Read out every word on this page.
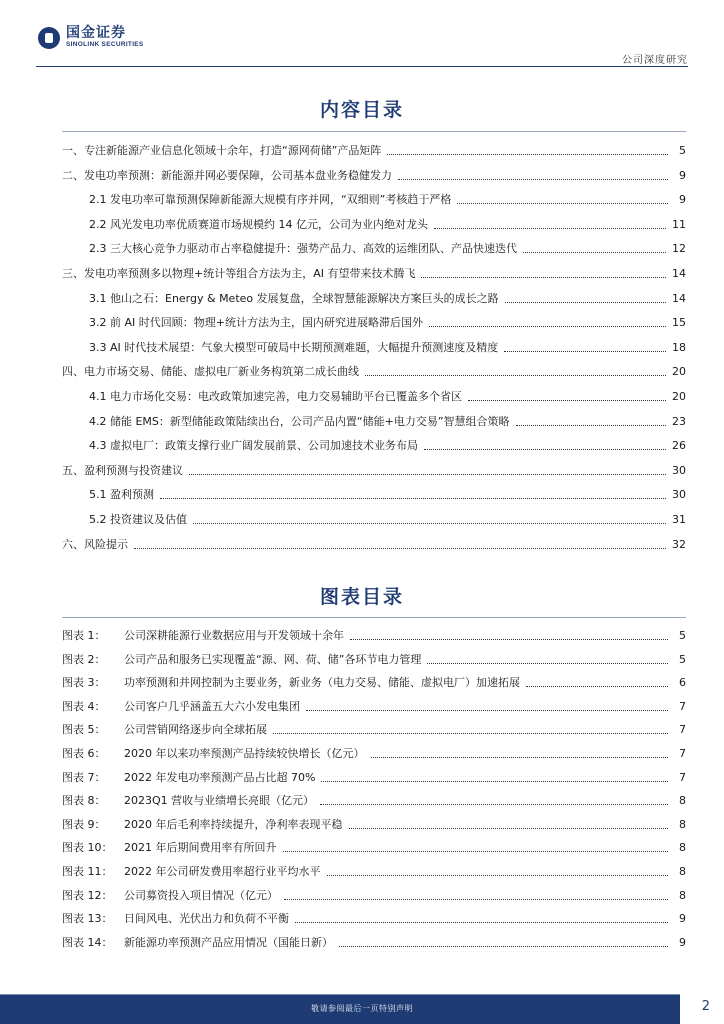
国金证券
SINOLINK SECURITIES
公司深度研究
内容目录
一、专注新能源产业信息化领域十余年，打造“源网荷储”产品矩阵	5
二、发电功率预测：新能源并网必要保障，公司基本盘业务稳健发力	9
2.1 发电功率可靠预测保障新能源大规模有序并网，“双细则”考核趋于严格	9
2.2 风光发电功率优质赛道市场规模约 14 亿元，公司为业内绝对龙头	11
2.3 三大核心竞争力驱动市占率稳健提升：强势产品力、高效的运维团队、产品快速迭代	12
三、发电功率预测多以物理+统计等组合方法为主，AI 有望带来技术腾飞	14
3.1 他山之石：Energy & Meteo 发展复盘，全球智慧能源解决方案巨头的成长之路	14
3.2 前 AI 时代回顾：物理+统计方法为主，国内研究进展略滞后国外	15
3.3 AI 时代技术展望：气象大模型可破局中长期预测难题，大幅提升预测速度及精度	18
四、电力市场交易、储能、虚拟电厂新业务构筑第二成长曲线	20
4.1 电力市场化交易：电改政策加速完善，电力交易辅助平台已覆盖多个省区	20
4.2 储能 EMS：新型储能政策陆续出台，公司产品内置“储能+电力交易”智慧组合策略	23
4.3 虚拟电厂：政策支撑行业广阔发展前景、公司加速技术业务布局	26
五、盈利预测与投资建议	30
5.1 盈利预测	30
5.2 投资建议及估值	31
六、风险提示	32
图表目录
图表 1：	公司深耕能源行业数据应用与开发领域十余年	5
图表 2：	公司产品和服务已实现覆盖“源、网、荷、储”各环节电力管理	5
图表 3：	功率预测和并网控制为主要业务，新业务（电力交易、储能、虚拟电厂）加速拓展	6
图表 4：	公司客户几乎涵盖五大六小发电集团	7
图表 5：	公司营销网络逐步向全球拓展	7
图表 6：	2020 年以来功率预测产品持续较快增长（亿元）	7
图表 7：	2022 年发电功率预测产品占比超 70%	7
图表 8：	2023Q1 营收与业绩增长亮眼（亿元）	8
图表 9：	2020 年后毛利率持续提升，净利率表现平稳	8
图表 10：	2021 年后期间费用率有所回升	8
图表 11：	2022 年公司研发费用率超行业平均水平	8
图表 12：	公司募资投入项目情况（亿元）	8
图表 13：	日间风电、光伏出力和负荷不平衡	9
图表 14：	新能源功率预测产品应用情况（国能日新）	9
敬请参阅最后一页特别声明	2
